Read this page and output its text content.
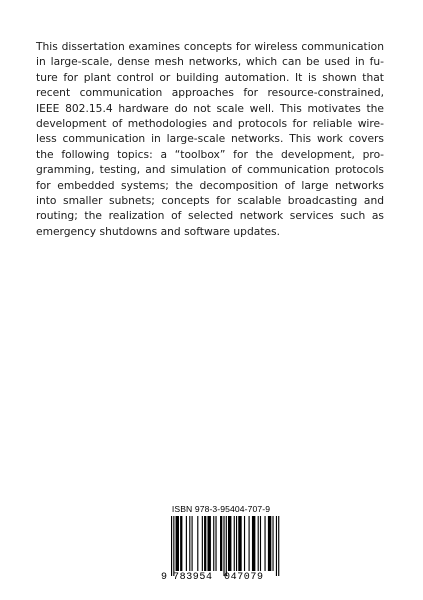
This dissertation examines concepts for wireless communication in large-scale, dense mesh networks, which can be used in future for plant control or building automation. It is shown that recent communication approaches for resource-constrained, IEEE 802.15.4 hardware do not scale well. This motivates the development of methodologies and protocols for reliable wireless communication in large-scale networks. This work covers the following topics: a “toolbox” for the development, programming, testing, and simulation of communication protocols for embedded systems; the decomposition of large networks into smaller subnets; concepts for scalable broadcasting and routing; the realization of selected network services such as emergency shutdowns and software updates.

ISBN 978-3-95404-707-9
9 783954 047079
